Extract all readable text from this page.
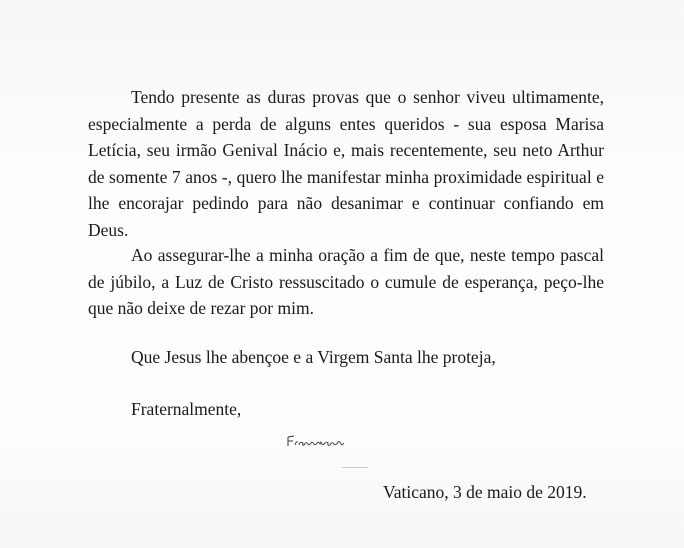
Tendo presente as duras provas que o senhor viveu ultimamente, especialmente a perda de alguns entes queridos - sua esposa Marisa Letícia, seu irmão Genival Inácio e, mais recentemente, seu neto Arthur de somente 7 anos -, quero lhe manifestar minha proximidade espiritual e lhe encorajar pedindo para não desanimar e continuar confiando em Deus.

Ao assegurar-lhe a minha oração a fim de que, neste tempo pascal de júbilo, a Luz de Cristo ressuscitado o cumule de esperança, peço-lhe que não deixe de rezar por mim.

Que Jesus lhe abençoe e a Virgem Santa lhe proteja,

Fraternalmente,

Vaticano, 3 de maio de 2019.
